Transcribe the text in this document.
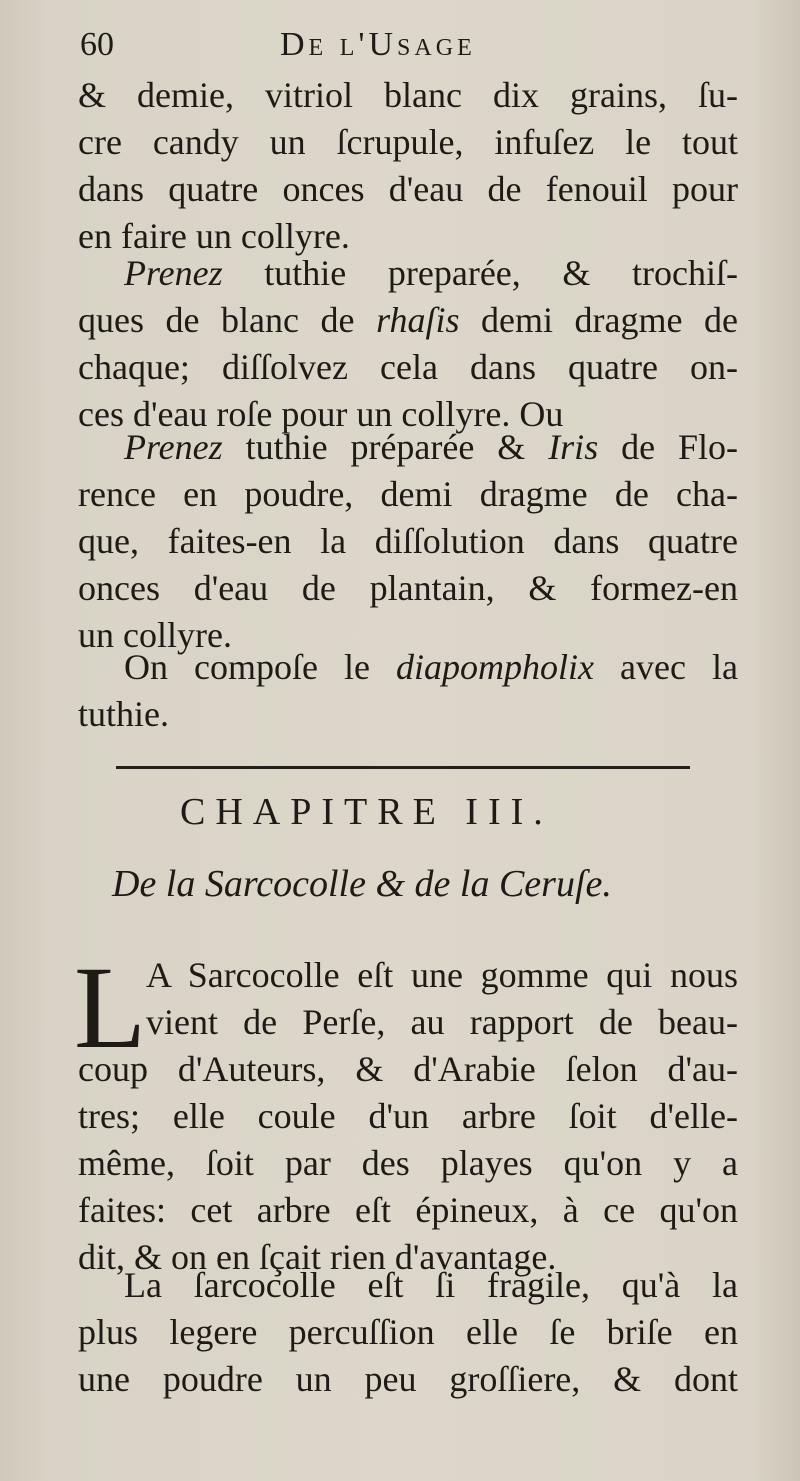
60	De l'Usage
& demie, vitriol blanc dix grains, ſu-
cre candy un ſcrupule, infuſez le tout
dans quatre onces d'eau de fenouil pour
en faire un collyre.
Prenez tuthie preparée, & trochiſ-
ques de blanc de rhaſis demi dragme de
chaque; diſſolvez cela dans quatre on-
ces d'eau roſe pour un collyre. Ou
Prenez tuthie préparée & Iris de Flo-
rence en poudre, demi dragme de cha-
que, faites-en la diſſolution dans quatre
onces d'eau de plantain, & formez-en
un collyre.
On compoſe le diapompholix avec la
tuthie.
CHAPITRE III.
De la Sarcocolle & de la Ceruſe.
L A Sarcocolle eſt une gomme qui nous
vient de Perſe, au rapport de beau-
coup d'Auteurs, & d'Arabie ſelon d'au-
tres; elle coule d'un arbre ſoit d'elle-
même, ſoit par des playes qu'on y a
faites: cet arbre eſt épineux, à ce qu'on
dit, & on en ſçait rien d'avantage.
La ſarcocolle eſt ſi fragile, qu'à la
plus legere percuſſion elle ſe briſe en
une poudre un peu groſſiere, & dont
